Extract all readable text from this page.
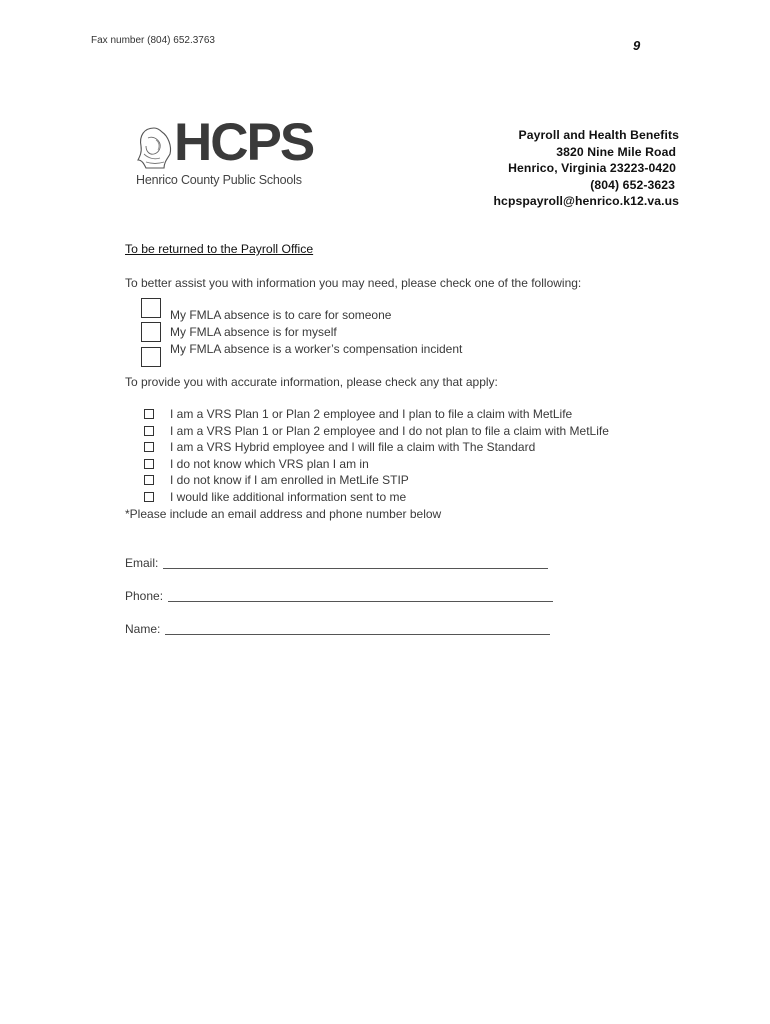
Fax number (804) 652.3763	9
HCPS
Henrico County Public Schools
Payroll and Health Benefits
3820 Nine Mile Road
Henrico, Virginia 23223-0420
(804) 652-3623
hcpspayroll@henrico.k12.va.us
To be returned to the Payroll Office
To better assist you with information you may need, please check one of the following:
My FMLA absence is to care for someone
My FMLA absence is for myself
My FMLA absence is a worker’s compensation incident
To provide you with accurate information, please check any that apply:
I am a VRS Plan 1 or Plan 2 employee and I plan to file a claim with MetLife
I am a VRS Plan 1 or Plan 2 employee and I do not plan to file a claim with MetLife
I am a VRS Hybrid employee and I will file a claim with The Standard
I do not know which VRS plan I am in
I do not know if I am enrolled in MetLife STIP
I would like additional information sent to me
*Please include an email address and phone number below
Email:
Phone:
Name:
